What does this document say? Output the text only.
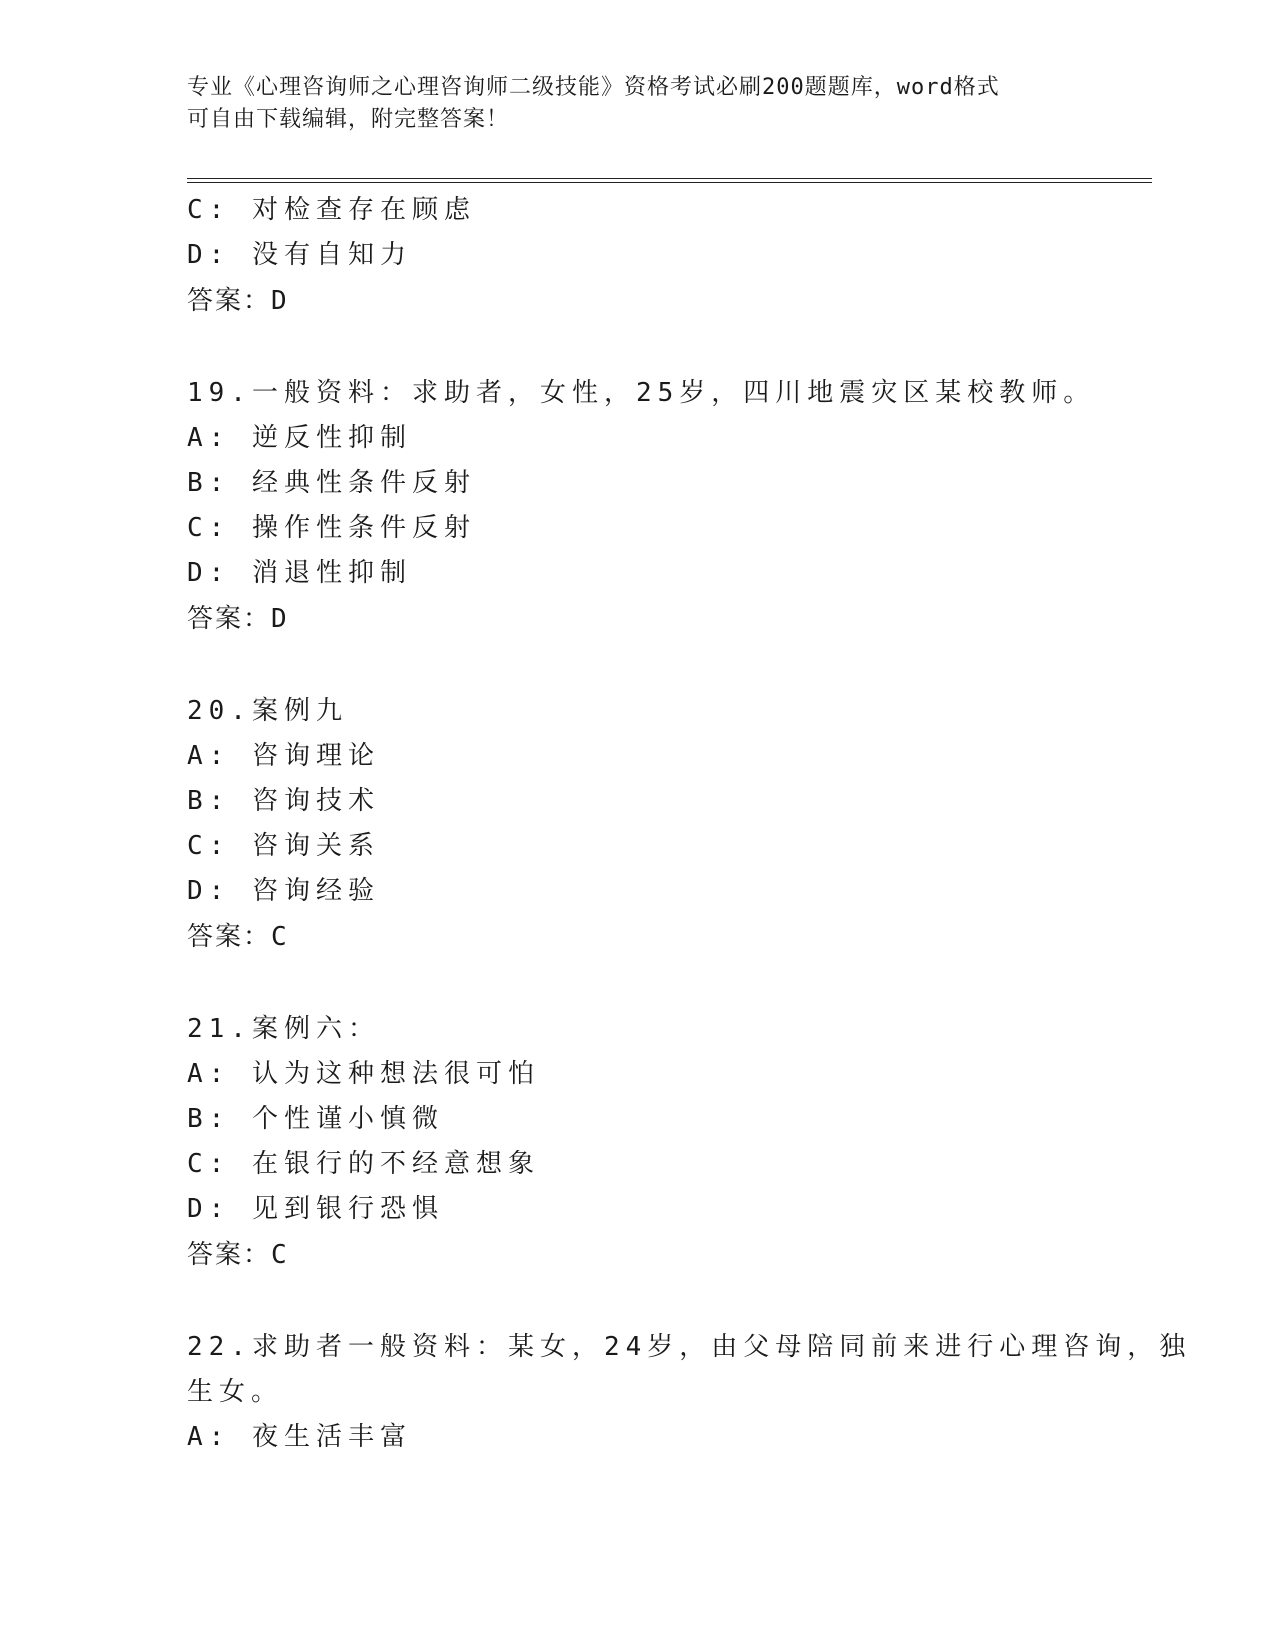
专业《心理咨询师之心理咨询师二级技能》资格考试必刷200题题库，word格式
可自由下载编辑，附完整答案！
C: 对检查存在顾虑
D: 没有自知力
答案：D
19.一般资料：求助者，女性，25岁，四川地震灾区某校教师。
A: 逆反性抑制
B: 经典性条件反射
C: 操作性条件反射
D: 消退性抑制
答案：D
20.案例九
A: 咨询理论
B: 咨询技术
C: 咨询关系
D: 咨询经验
答案：C
21.案例六：
A: 认为这种想法很可怕
B: 个性谨小慎微
C: 在银行的不经意想象
D: 见到银行恐惧
答案：C
22.求助者一般资料：某女，24岁，由父母陪同前来进行心理咨询，独
生女。
A: 夜生活丰富
